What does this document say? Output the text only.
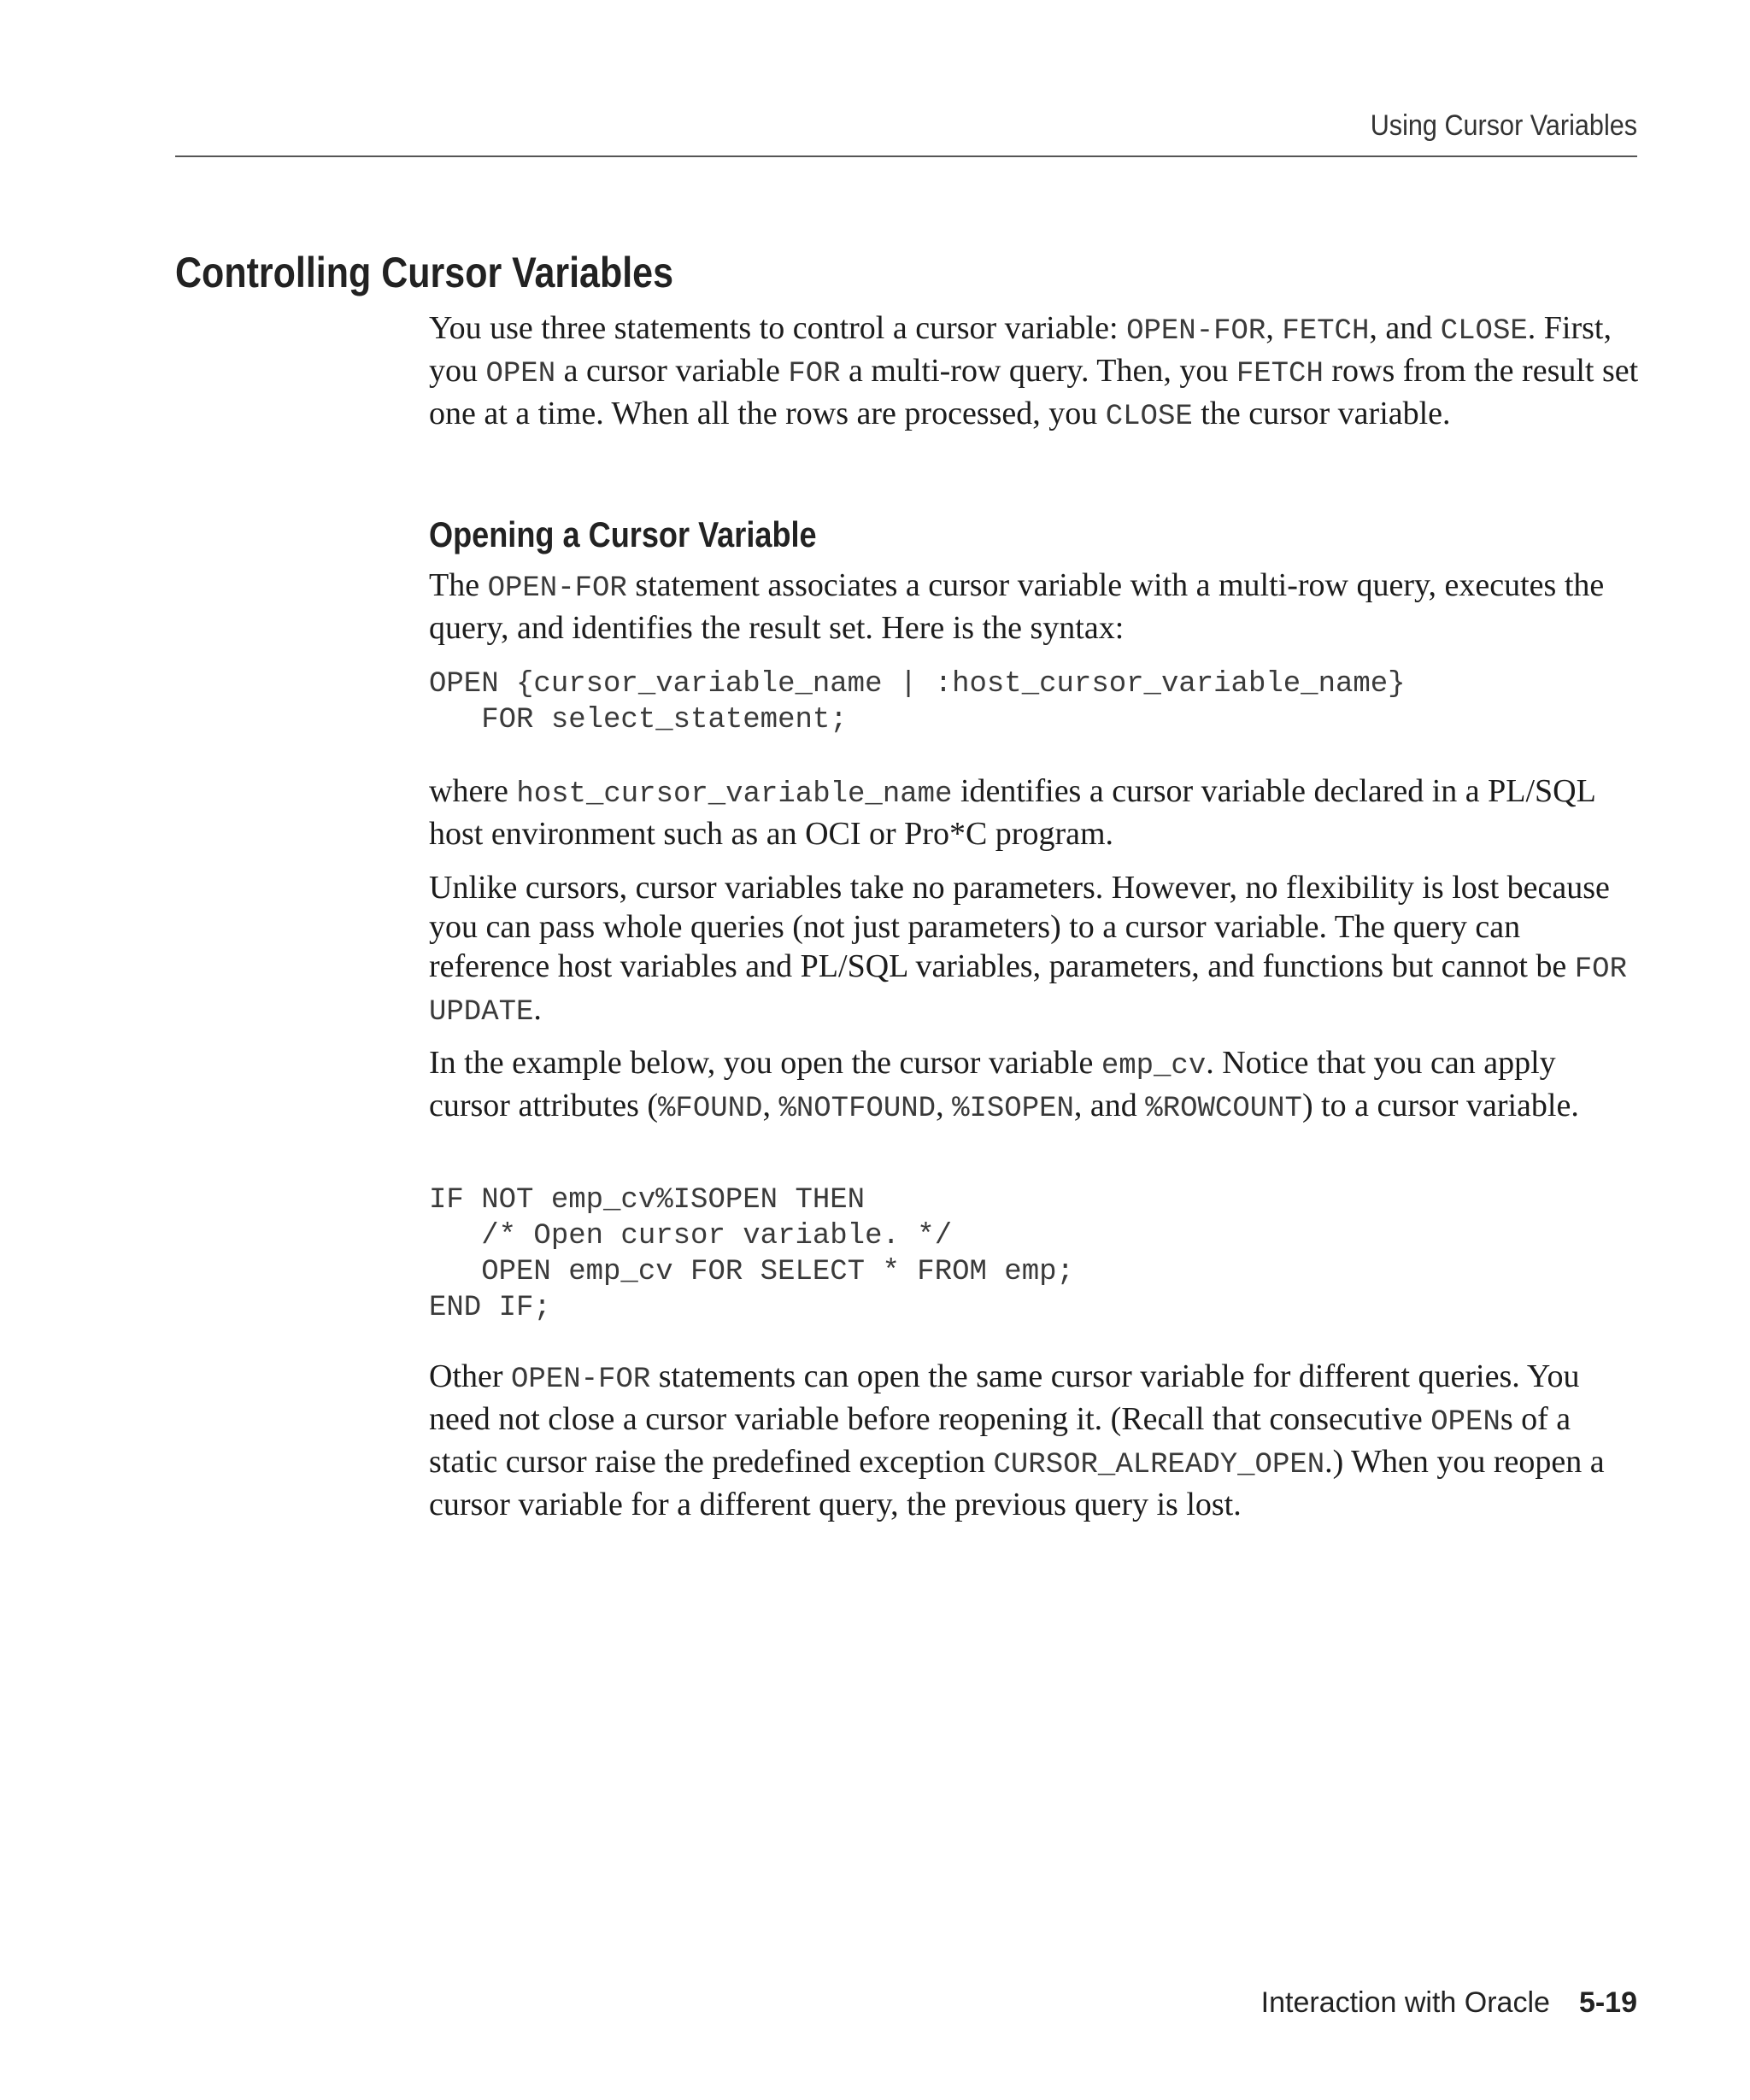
Using Cursor Variables
Controlling Cursor Variables

You use three statements to control a cursor variable: OPEN-FOR, FETCH, and CLOSE. First, you OPEN a cursor variable FOR a multi-row query. Then, you FETCH rows from the result set one at a time. When all the rows are processed, you CLOSE the cursor variable.

Opening a Cursor Variable

The OPEN-FOR statement associates a cursor variable with a multi-row query, executes the query, and identifies the result set. Here is the syntax:

OPEN {cursor_variable_name | :host_cursor_variable_name}
FOR select_statement;

where host_cursor_variable_name identifies a cursor variable declared in a PL/SQL host environment such as an OCI or Pro*C program.

Unlike cursors, cursor variables take no parameters. However, no flexibility is lost because you can pass whole queries (not just parameters) to a cursor variable. The query can reference host variables and PL/SQL variables, parameters, and functions but cannot be FOR UPDATE.

In the example below, you open the cursor variable emp_cv. Notice that you can apply cursor attributes (%FOUND, %NOTFOUND, %ISOPEN, and %ROWCOUNT) to a cursor variable.

IF NOT emp_cv%ISOPEN THEN
/* Open cursor variable. */
OPEN emp_cv FOR SELECT * FROM emp;
END IF;

Other OPEN-FOR statements can open the same cursor variable for different queries. You need not close a cursor variable before reopening it. (Recall that consecutive OPENs of a static cursor raise the predefined exception CURSOR_ALREADY_OPEN.) When you reopen a cursor variable for a different query, the previous query is lost.

Interaction with Oracle 5-19
